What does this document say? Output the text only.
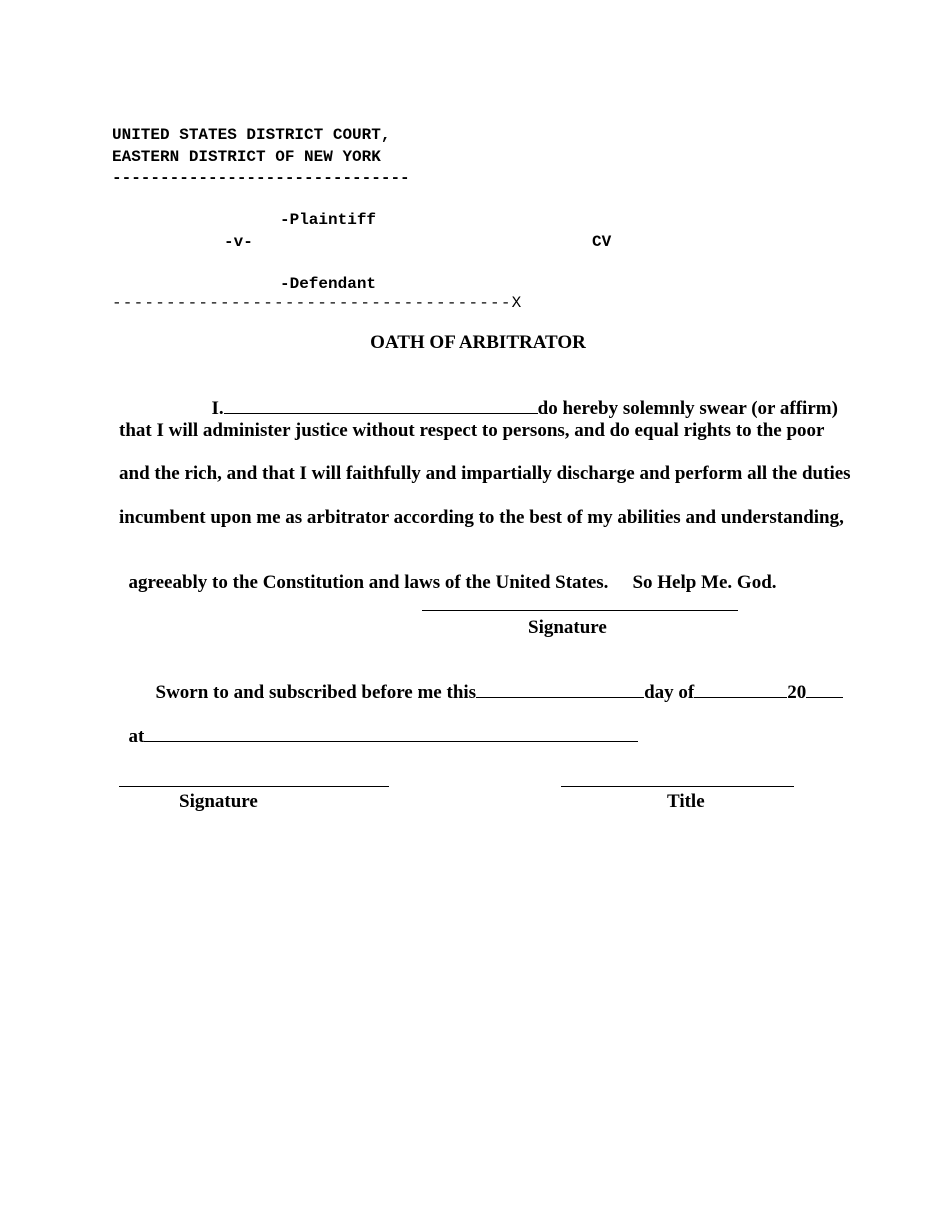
UNITED STATES DISTRICT COURT,
EASTERN DISTRICT OF NEW YORK
-------------------------------
-Plaintiff
-v-	CV
-Defendant
-------------------------------------X
OATH OF ARBITRATOR

I.	do hereby solemnly swear (or affirm)

that I will administer justice without respect to persons, and do equal rights to the poor
and the rich, and that I will faithfully and impartially discharge and perform all the duties
incumbent upon me as arbitrator according to the best of my abilities and understanding,

agreeably to the Constitution and laws of the United States. So Help Me. God.

Signature

Sworn to and subscribed before me this	day of	20

at

Signature	Title
